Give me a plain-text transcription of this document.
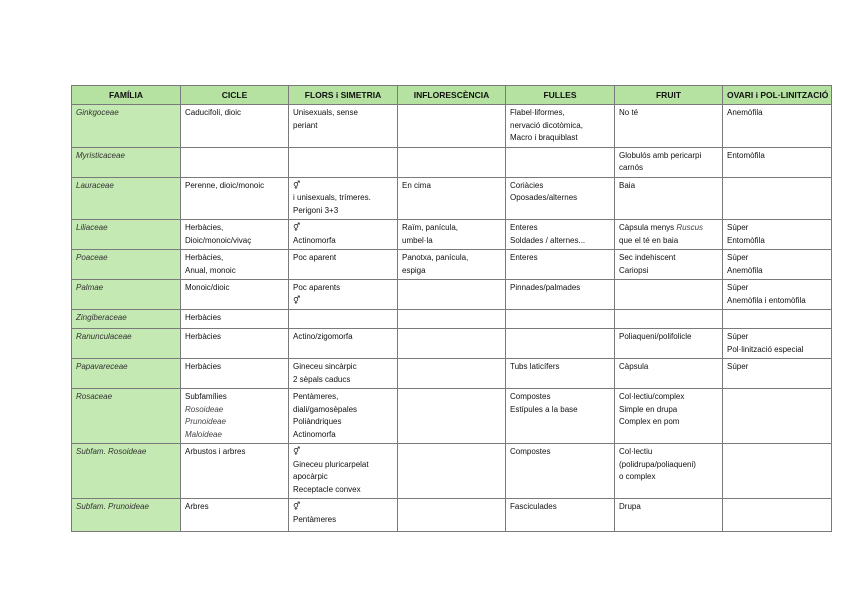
FAMÍLIA	CICLE	FLORS i SIMETRIA	INFLORESCÈNCIA	FULLES	FRUIT	OVARI i POL·LINITZACIÓ
Ginkgoceae	Caducifoli, dioic	Unisexuals, sense
periant		Flabel·liformes,
nervació dicotòmica,
Macro i braquiblast	No té	Anemòfila

Myristicaceae					Globulós amb pericarpi
carnós	Entomòfila

Lauraceae	Perenne, dioic/monoic	⚥
i unisexuals, trímeres.
Perigoni 3+3	En cima	Coriàcies
Oposades/alternes	Baia	

Liliaceae	Herbàcies,
Dioic/monoic/vivaç	⚥
Actinomorfa	Raïm, panícula,
umbel·la	Enteres
Soldades / alternes...	Càpsula menys Ruscus
que el té en baia	Súper
Entomòfila

Poaceae	Herbàcies,
Anual, monoic	Poc aparent	Panotxa, panícula,
espiga	Enteres	Sec indehiscent
Cariopsi	Súper
Anemòfila

Palmae	Monoic/dioic	Poc aparents
⚥		Pinnades/palmades		Súper
Anemòfila i entomòfila

Zingiberaceae	Herbàcies					

Ranunculaceae	Herbàcies	Actino/zigomorfa			Poliaqueni/polifolicle	Súper
Pol·linització especial

Papavareceae	Herbàcies	Gineceu sincàrpic
2 sèpals caducs		Tubs laticífers	Càpsula	Súper

Rosaceae	Subfamílies
Rosoideae
Prunoideae
Maloideae	Pentàmeres,
diali/gamosèpales
Poliàndriques
Actinomorfa		Compostes
Estípules a la base	Col·lectiu/complex
Simple en drupa
Complex en pom	

Subfam. Rosoideae	Arbustos i arbres	⚥
Gineceu pluricarpelat
apocàrpic
Receptacle convex		Compostes	Col·lectiu
(polidrupa/poliaqueni)
o complex	

Subfam. Prunoideae	Arbres	⚥
Pentàmeres		Fasciculades	Drupa	
